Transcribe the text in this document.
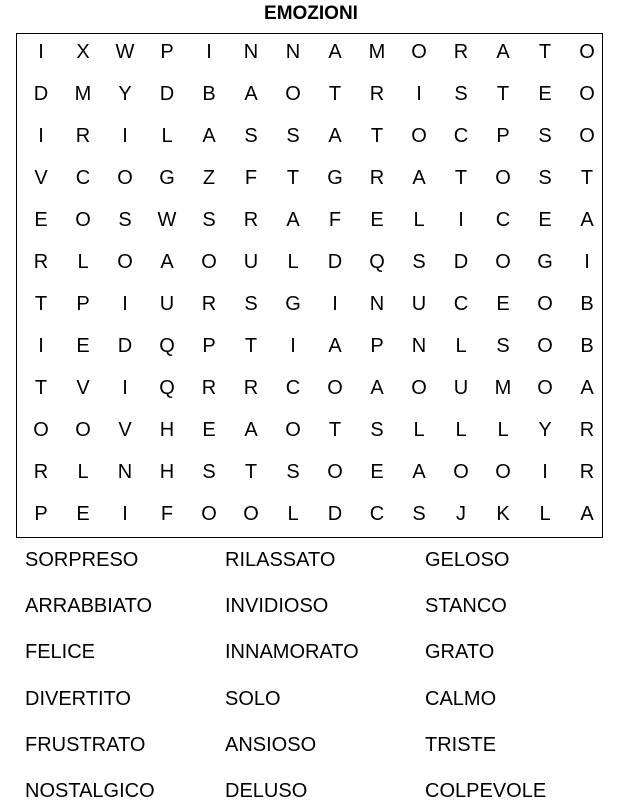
EMOZIONI
I	X	W	P	I	N	N	A	M	O	R	A	T	O
D	M	Y	D	B	A	O	T	R	I	S	T	E	O
I	R	I	L	A	S	S	A	T	O	C	P	S	O
V	C	O	G	Z	F	T	G	R	A	T	O	S	T
E	O	S	W	S	R	A	F	E	L	I	C	E	A
R	L	O	A	O	U	L	D	Q	S	D	O	G	I
T	P	I	U	R	S	G	I	N	U	C	E	O	B
I	E	D	Q	P	T	I	A	P	N	L	S	O	B
T	V	I	Q	R	R	C	O	A	O	U	M	O	A
O	O	V	H	E	A	O	T	S	L	L	L	Y	R
R	L	N	H	S	T	S	O	E	A	O	O	I	R
P	E	I	F	O	O	L	D	C	S	J	K	L	A
SORPRESO	RILASSATO	GELOSO
ARRABBIATO	INVIDIOSO	STANCO
FELICE	INNAMORATO	GRATO
DIVERTITO	SOLO	CALMO
FRUSTRATO	ANSIOSO	TRISTE
NOSTALGICO	DELUSO	COLPEVOLE
